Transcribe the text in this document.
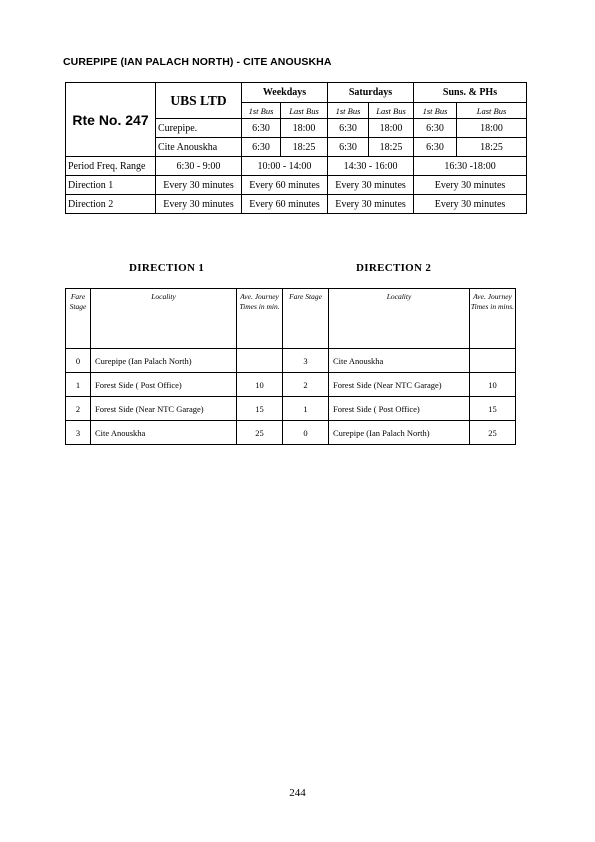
CUREPIPE (IAN PALACH NORTH) - CITE ANOUSKHA
Rte No. 247	UBS LTD	Weekdays		Saturdays		Suns. & PHs	
		1st Bus	Last Bus	1st Bus	Last Bus	1st Bus	Last Bus
	Curepipe.	6:30	18:00	6:30	18:00	6:30	18:00
	Cite Anouskha	6:30	18:25	6:30	18:25	6:30	18:25
Period Freq. Range	6:30 - 9:00	10:00 - 14:00		14:30 - 16:00		16:30 -18:00	
Direction 1	Every 30 minutes	Every 60 minutes		Every 30 minutes		Every 30 minutes	
Direction 2	Every 30 minutes	Every 60 minutes		Every 30 minutes		Every 30 minutes	
DIRECTION 1	DIRECTION 2
Fare Stage	Locality	Ave. Journey Times in min.	Fare Stage	Locality	Ave. Journey Times in mins.
0	Curepipe (Ian Palach North)		3	Cite Anouskha	
1	Forest Side ( Post Office)	10	2	Forest Side (Near NTC Garage)	10
2	Forest Side (Near NTC Garage)	15	1	Forest Side ( Post Office)	15
3	Cite Anouskha	25	0	Curepipe (Ian Palach North)	25
244
